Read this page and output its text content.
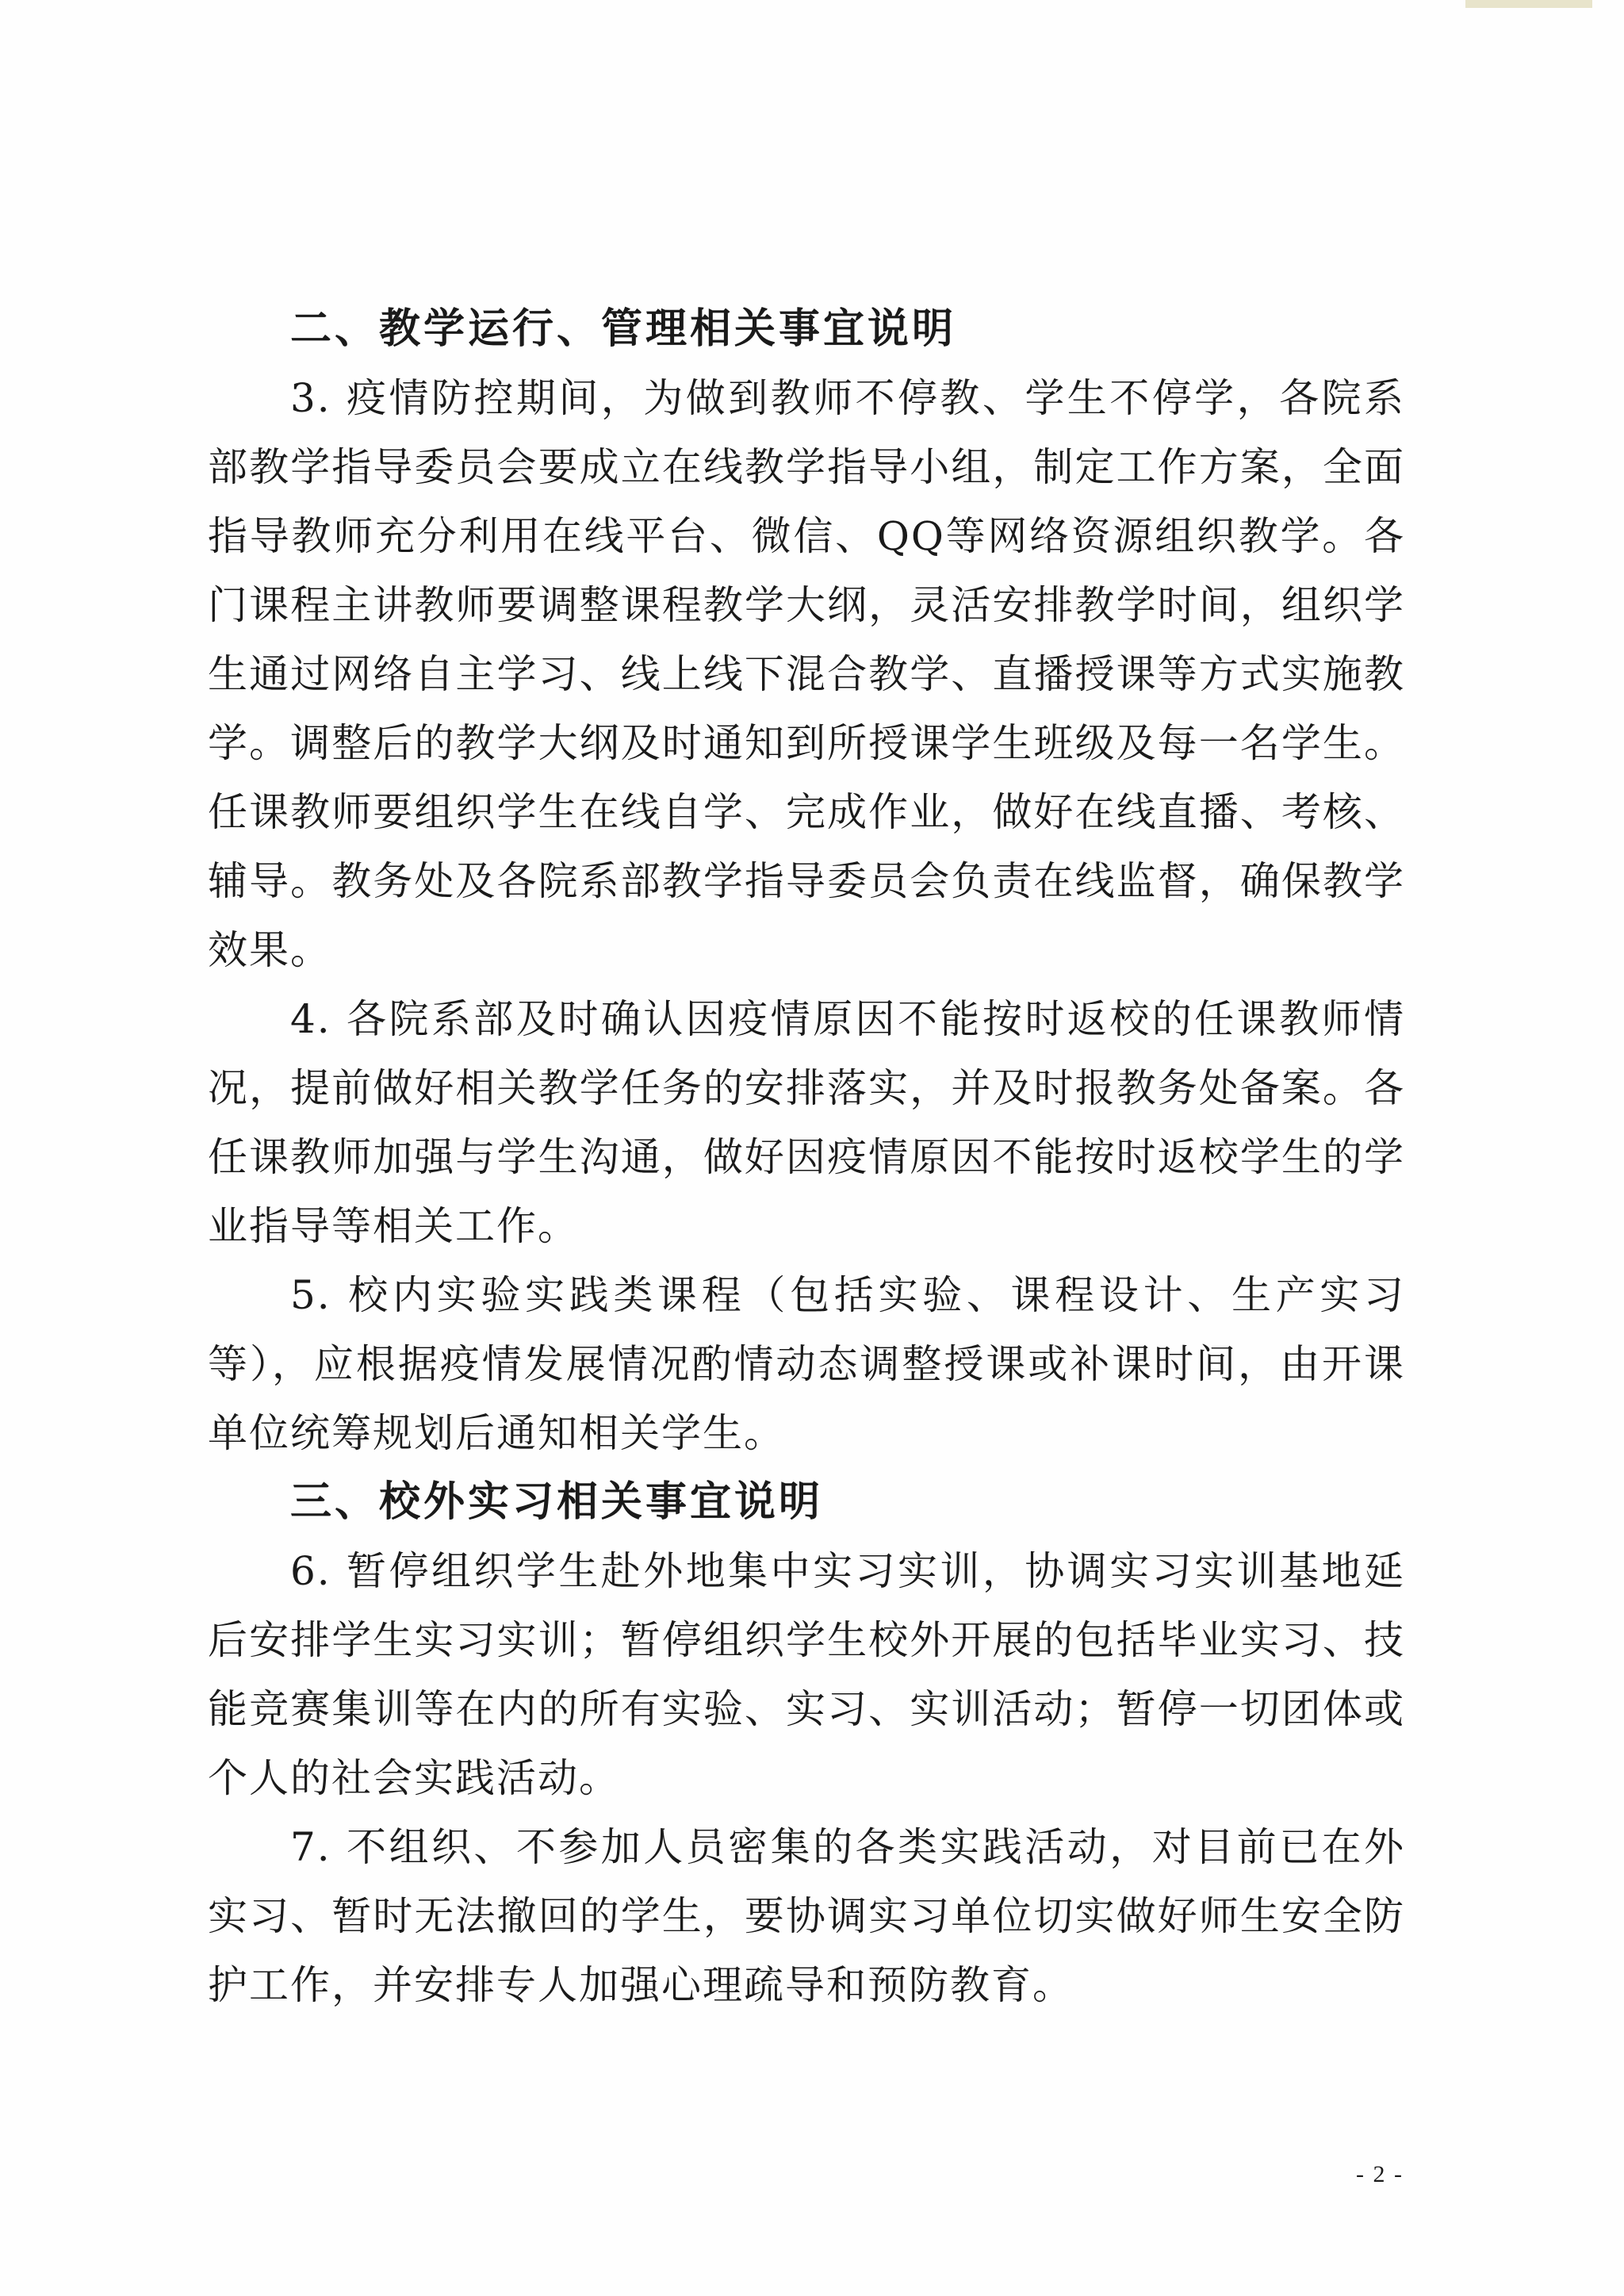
二、教学运行、管理相关事宜说明

3. 疫情防控期间，为做到教师不停教、学生不停学，各院系部教学指导委员会要成立在线教学指导小组，制定工作方案，全面指导教师充分利用在线平台、微信、QQ等网络资源组织教学。各门课程主讲教师要调整课程教学大纲，灵活安排教学时间，组织学生通过网络自主学习、线上线下混合教学、直播授课等方式实施教学。调整后的教学大纲及时通知到所授课学生班级及每一名学生。任课教师要组织学生在线自学、完成作业，做好在线直播、考核、辅导。教务处及各院系部教学指导委员会负责在线监督，确保教学效果。

4. 各院系部及时确认因疫情原因不能按时返校的任课教师情况，提前做好相关教学任务的安排落实，并及时报教务处备案。各任课教师加强与学生沟通，做好因疫情原因不能按时返校学生的学业指导等相关工作。

5. 校内实验实践类课程（包括实验、课程设计、生产实习等），应根据疫情发展情况酌情动态调整授课或补课时间，由开课单位统筹规划后通知相关学生。

三、校外实习相关事宜说明

6. 暂停组织学生赴外地集中实习实训，协调实习实训基地延后安排学生实习实训；暂停组织学生校外开展的包括毕业实习、技能竞赛集训等在内的所有实验、实习、实训活动；暂停一切团体或个人的社会实践活动。

7. 不组织、不参加人员密集的各类实践活动，对目前已在外实习、暂时无法撤回的学生，要协调实习单位切实做好师生安全防护工作，并安排专人加强心理疏导和预防教育。

- 2 -
